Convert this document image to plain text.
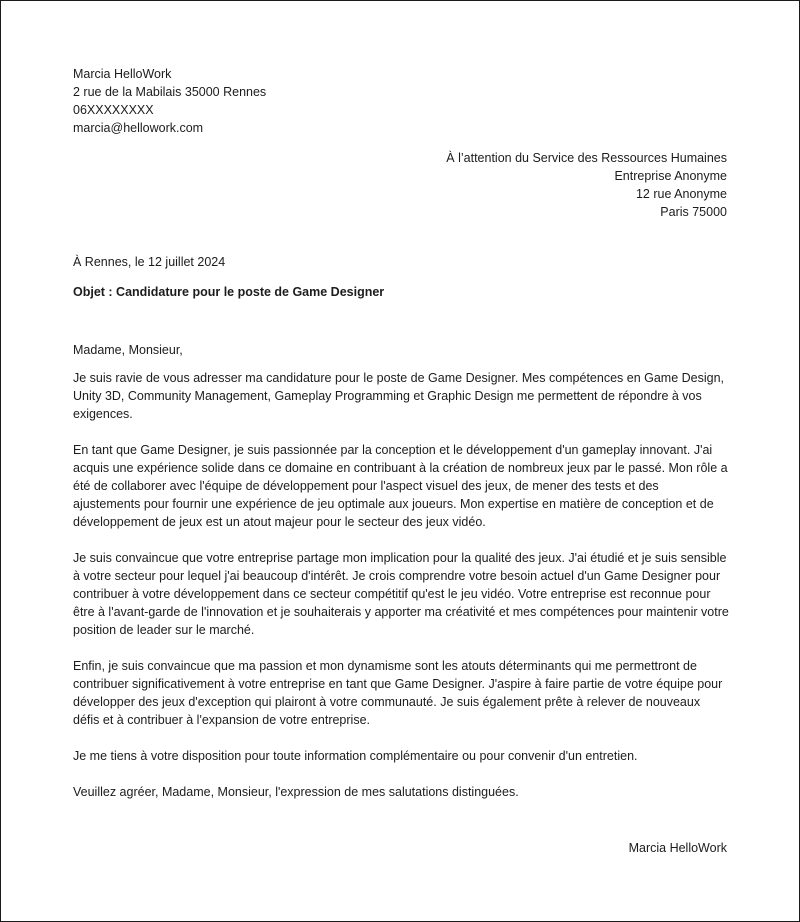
Marcia HelloWork
2 rue de la Mabilais 35000 Rennes
06XXXXXXXX
marcia@hellowork.com
À l’attention du Service des Ressources Humaines
Entreprise Anonyme
12 rue Anonyme
Paris 75000
À Rennes, le 12 juillet 2024
Objet : Candidature pour le poste de Game Designer

Madame, Monsieur,

Je suis ravie de vous adresser ma candidature pour le poste de Game Designer. Mes compétences en Game Design, Unity 3D, Community Management, Gameplay Programming et Graphic Design me permettent de répondre à vos exigences.

En tant que Game Designer, je suis passionnée par la conception et le développement d'un gameplay innovant. J'ai acquis une expérience solide dans ce domaine en contribuant à la création de nombreux jeux par le passé. Mon rôle a été de collaborer avec l'équipe de développement pour l'aspect visuel des jeux, de mener des tests et des ajustements pour fournir une expérience de jeu optimale aux joueurs. Mon expertise en matière de conception et de développement de jeux est un atout majeur pour le secteur des jeux vidéo.

Je suis convaincue que votre entreprise partage mon implication pour la qualité des jeux. J'ai étudié et je suis sensible à votre secteur pour lequel j'ai beaucoup d'intérêt. Je crois comprendre votre besoin actuel d'un Game Designer pour contribuer à votre développement dans ce secteur compétitif qu'est le jeu vidéo. Votre entreprise est reconnue pour être à l'avant-garde de l'innovation et je souhaiterais y apporter ma créativité et mes compétences pour maintenir votre position de leader sur le marché.

Enfin, je suis convaincue que ma passion et mon dynamisme sont les atouts déterminants qui me permettront de contribuer significativement à votre entreprise en tant que Game Designer. J'aspire à faire partie de votre équipe pour développer des jeux d'exception qui plairont à votre communauté. Je suis également prête à relever de nouveaux défis et à contribuer à l'expansion de votre entreprise.

Je me tiens à votre disposition pour toute information complémentaire ou pour convenir d'un entretien.

Veuillez agréer, Madame, Monsieur, l'expression de mes salutations distinguées.

Marcia HelloWork
